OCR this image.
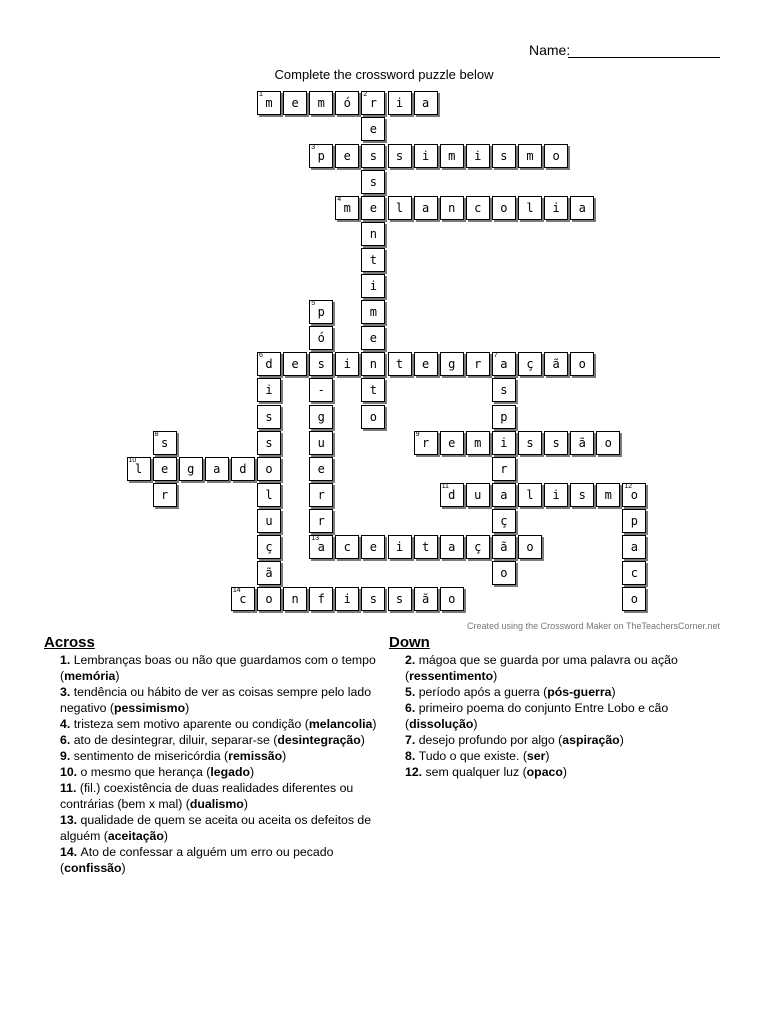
Name:
Complete the crossword puzzle below
m
1
e	m	ó	r
2
i	a
e
p
3
e	s	s	i	m	i	s	m	o
s
m
4
e	l	a	n	c	o	l	i	a
n
t
i
p
5
m
ó	e
d
6
e	s	i	n	t	e	g	r	a
7
ç	ã	o
i	-	t	s
s	g	o	p
s
8
s	u	r
9
e	m	i	s	s	ã	o
l
10
e	g	a	d	o	e	r
r	l	r	d
11
u	a	l	i	s	m	o
12
u	r	ç	p
ç	a
13
c	e	i	t	a	ç	ã	o	a
ã	o	c
c
14
o	n	f	i	s	s	ã	o	o
Created using the Crossword Maker on TheTeachersCorner.net
Across
1. Lembranças boas ou não que guardamos com o tempo (memória)
3. tendência ou hábito de ver as coisas sempre pelo lado negativo (pessimismo)
4. tristeza sem motivo aparente ou condição (melancolia)
6. ato de desintegrar, diluir, separar-se (desintegração)
9. sentimento de misericórdia (remissão)
10. o mesmo que herança (legado)
11. (fil.) coexistência de duas realidades diferentes ou contrárias (bem x mal) (dualismo)
13. qualidade de quem se aceita ou aceita os defeitos de alguém (aceitação)
14. Ato de confessar a alguém um erro ou pecado (confissão)
Down
2. mágoa que se guarda por uma palavra ou ação (ressentimento)
5. período após a guerra (pós-guerra)
6. primeiro poema do conjunto Entre Lobo e cão (dissolução)
7. desejo profundo por algo (aspiração)
8. Tudo o que existe. (ser)
12. sem qualquer luz (opaco)
